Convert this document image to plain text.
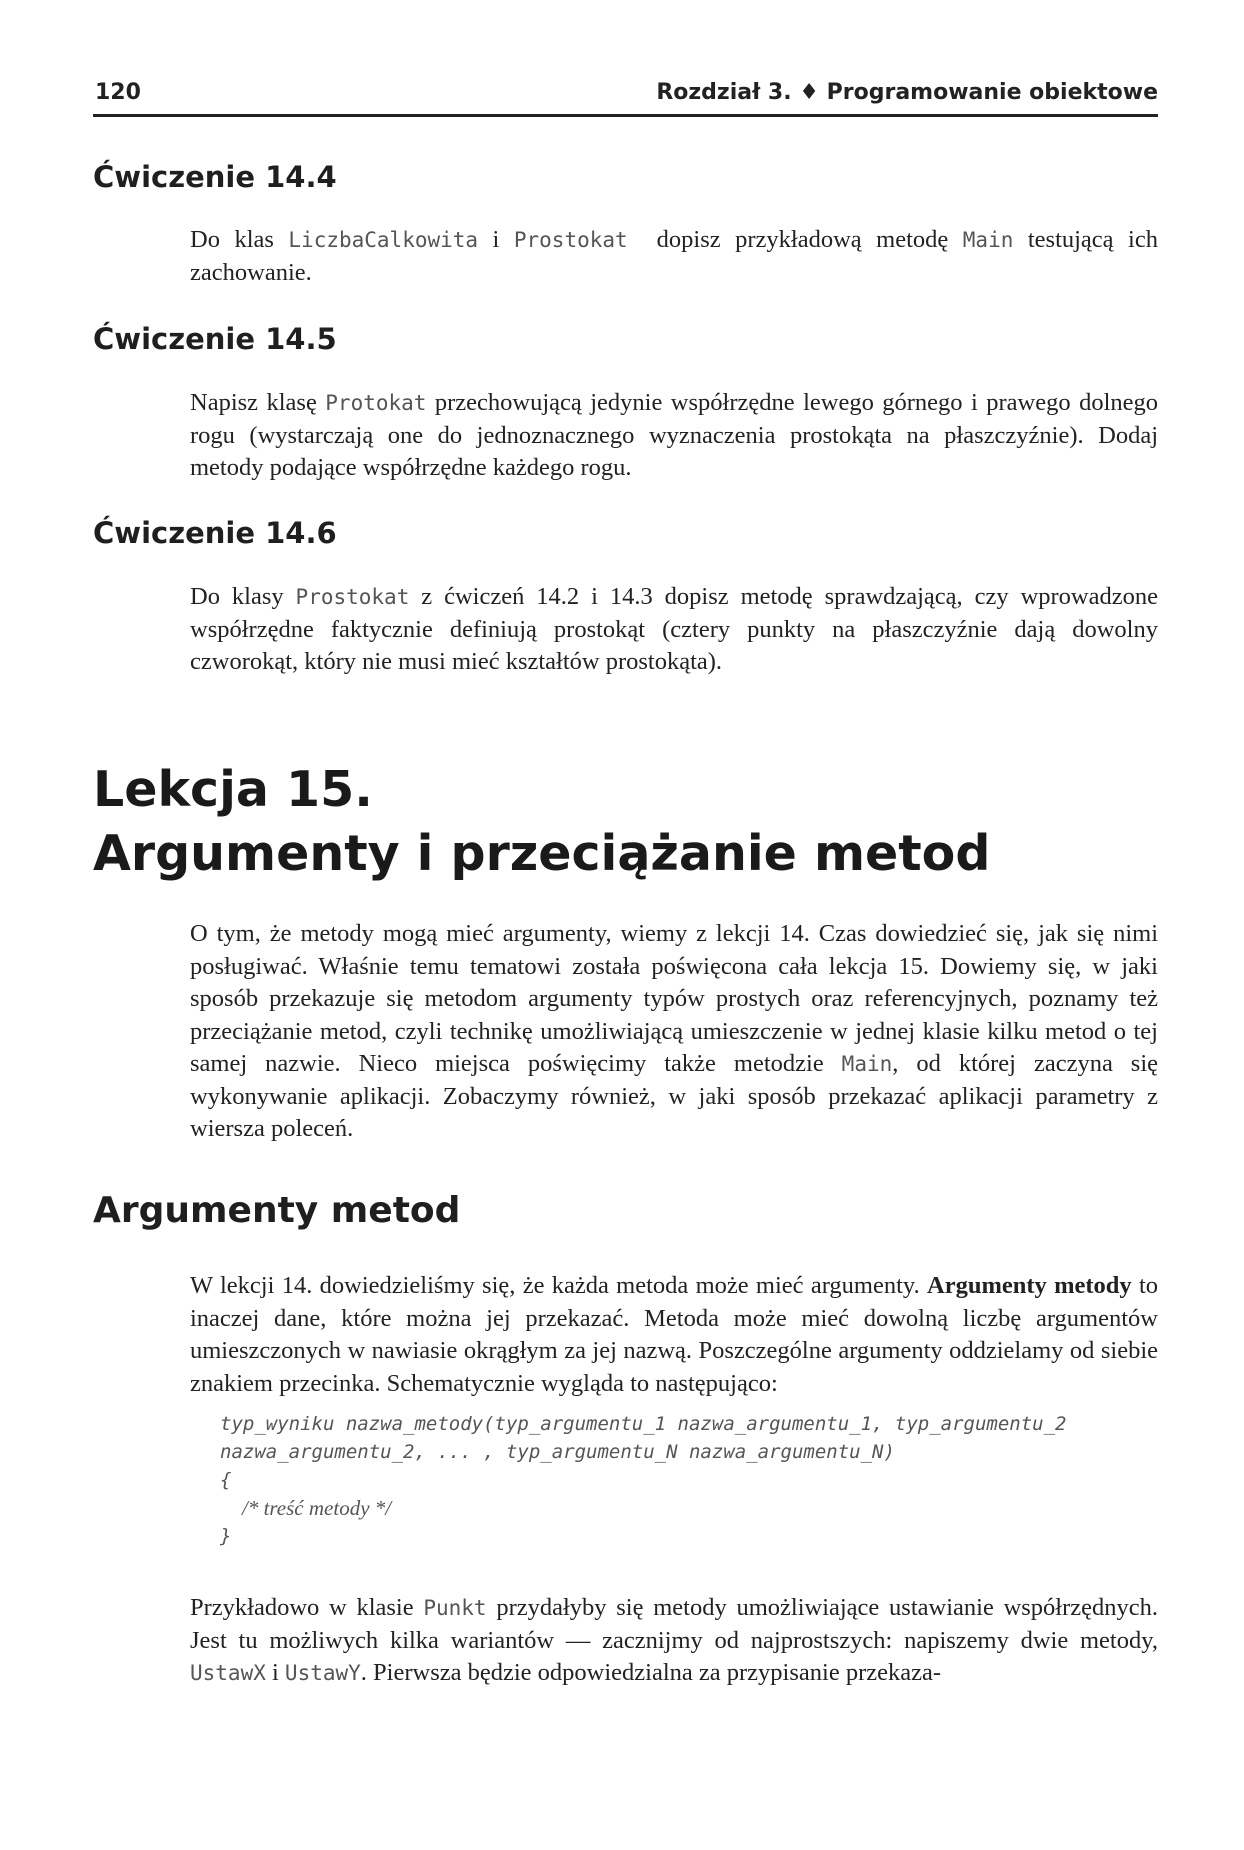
120	Rozdział 3. ♦ Programowanie obiektowe
Ćwiczenie 14.4

Do klas LiczbaCalkowita i Prostokat  dopisz przykładową metodę Main testującą ich zachowanie.

Ćwiczenie 14.5

Napisz klasę Protokat przechowującą jedynie współrzędne lewego górnego i prawego dolnego rogu (wystarczają one do jednoznacznego wyznaczenia prostokąta na płaszczyźnie). Dodaj metody podające współrzędne każdego rogu.

Ćwiczenie 14.6

Do klasy Prostokat z ćwiczeń 14.2 i 14.3 dopisz metodę sprawdzającą, czy wprowadzone współrzędne faktycznie definiują prostokąt (cztery punkty na płaszczyźnie dają dowolny czworokąt, który nie musi mieć kształtów prostokąta).

Lekcja 15.
Argumenty i przeciążanie metod

O tym, że metody mogą mieć argumenty, wiemy z lekcji 14. Czas dowiedzieć się, jak się nimi posługiwać. Właśnie temu tematowi została poświęcona cała lekcja 15. Dowiemy się, w jaki sposób przekazuje się metodom argumenty typów prostych oraz referencyjnych, poznamy też przeciążanie metod, czyli technikę umożliwiającą umieszczenie w jednej klasie kilku metod o tej samej nazwie. Nieco miejsca poświęcimy także metodzie Main, od której zaczyna się wykonywanie aplikacji. Zobaczymy również, w jaki sposób przekazać aplikacji parametry z wiersza poleceń.

Argumenty metod

W lekcji 14. dowiedzieliśmy się, że każda metoda może mieć argumenty. Argumenty metody to inaczej dane, które można jej przekazać. Metoda może mieć dowolną liczbę argumentów umieszczonych w nawiasie okrągłym za jej nazwą. Poszczególne argumenty oddzielamy od siebie znakiem przecinka. Schematycznie wygląda to następująco:

typ_wyniku nazwa_metody(typ_argumentu_1 nazwa_argumentu_1, typ_argumentu_2
nazwa_argumentu_2, ... , typ_argumentu_N nazwa_argumentu_N)
{
/* treść metody */
}

Przykładowo w klasie Punkt przydałyby się metody umożliwiające ustawianie współrzędnych. Jest tu możliwych kilka wariantów — zacznijmy od najprostszych: napiszemy dwie metody, UstawX i UstawY. Pierwsza będzie odpowiedzialna za przypisanie przekaza-
